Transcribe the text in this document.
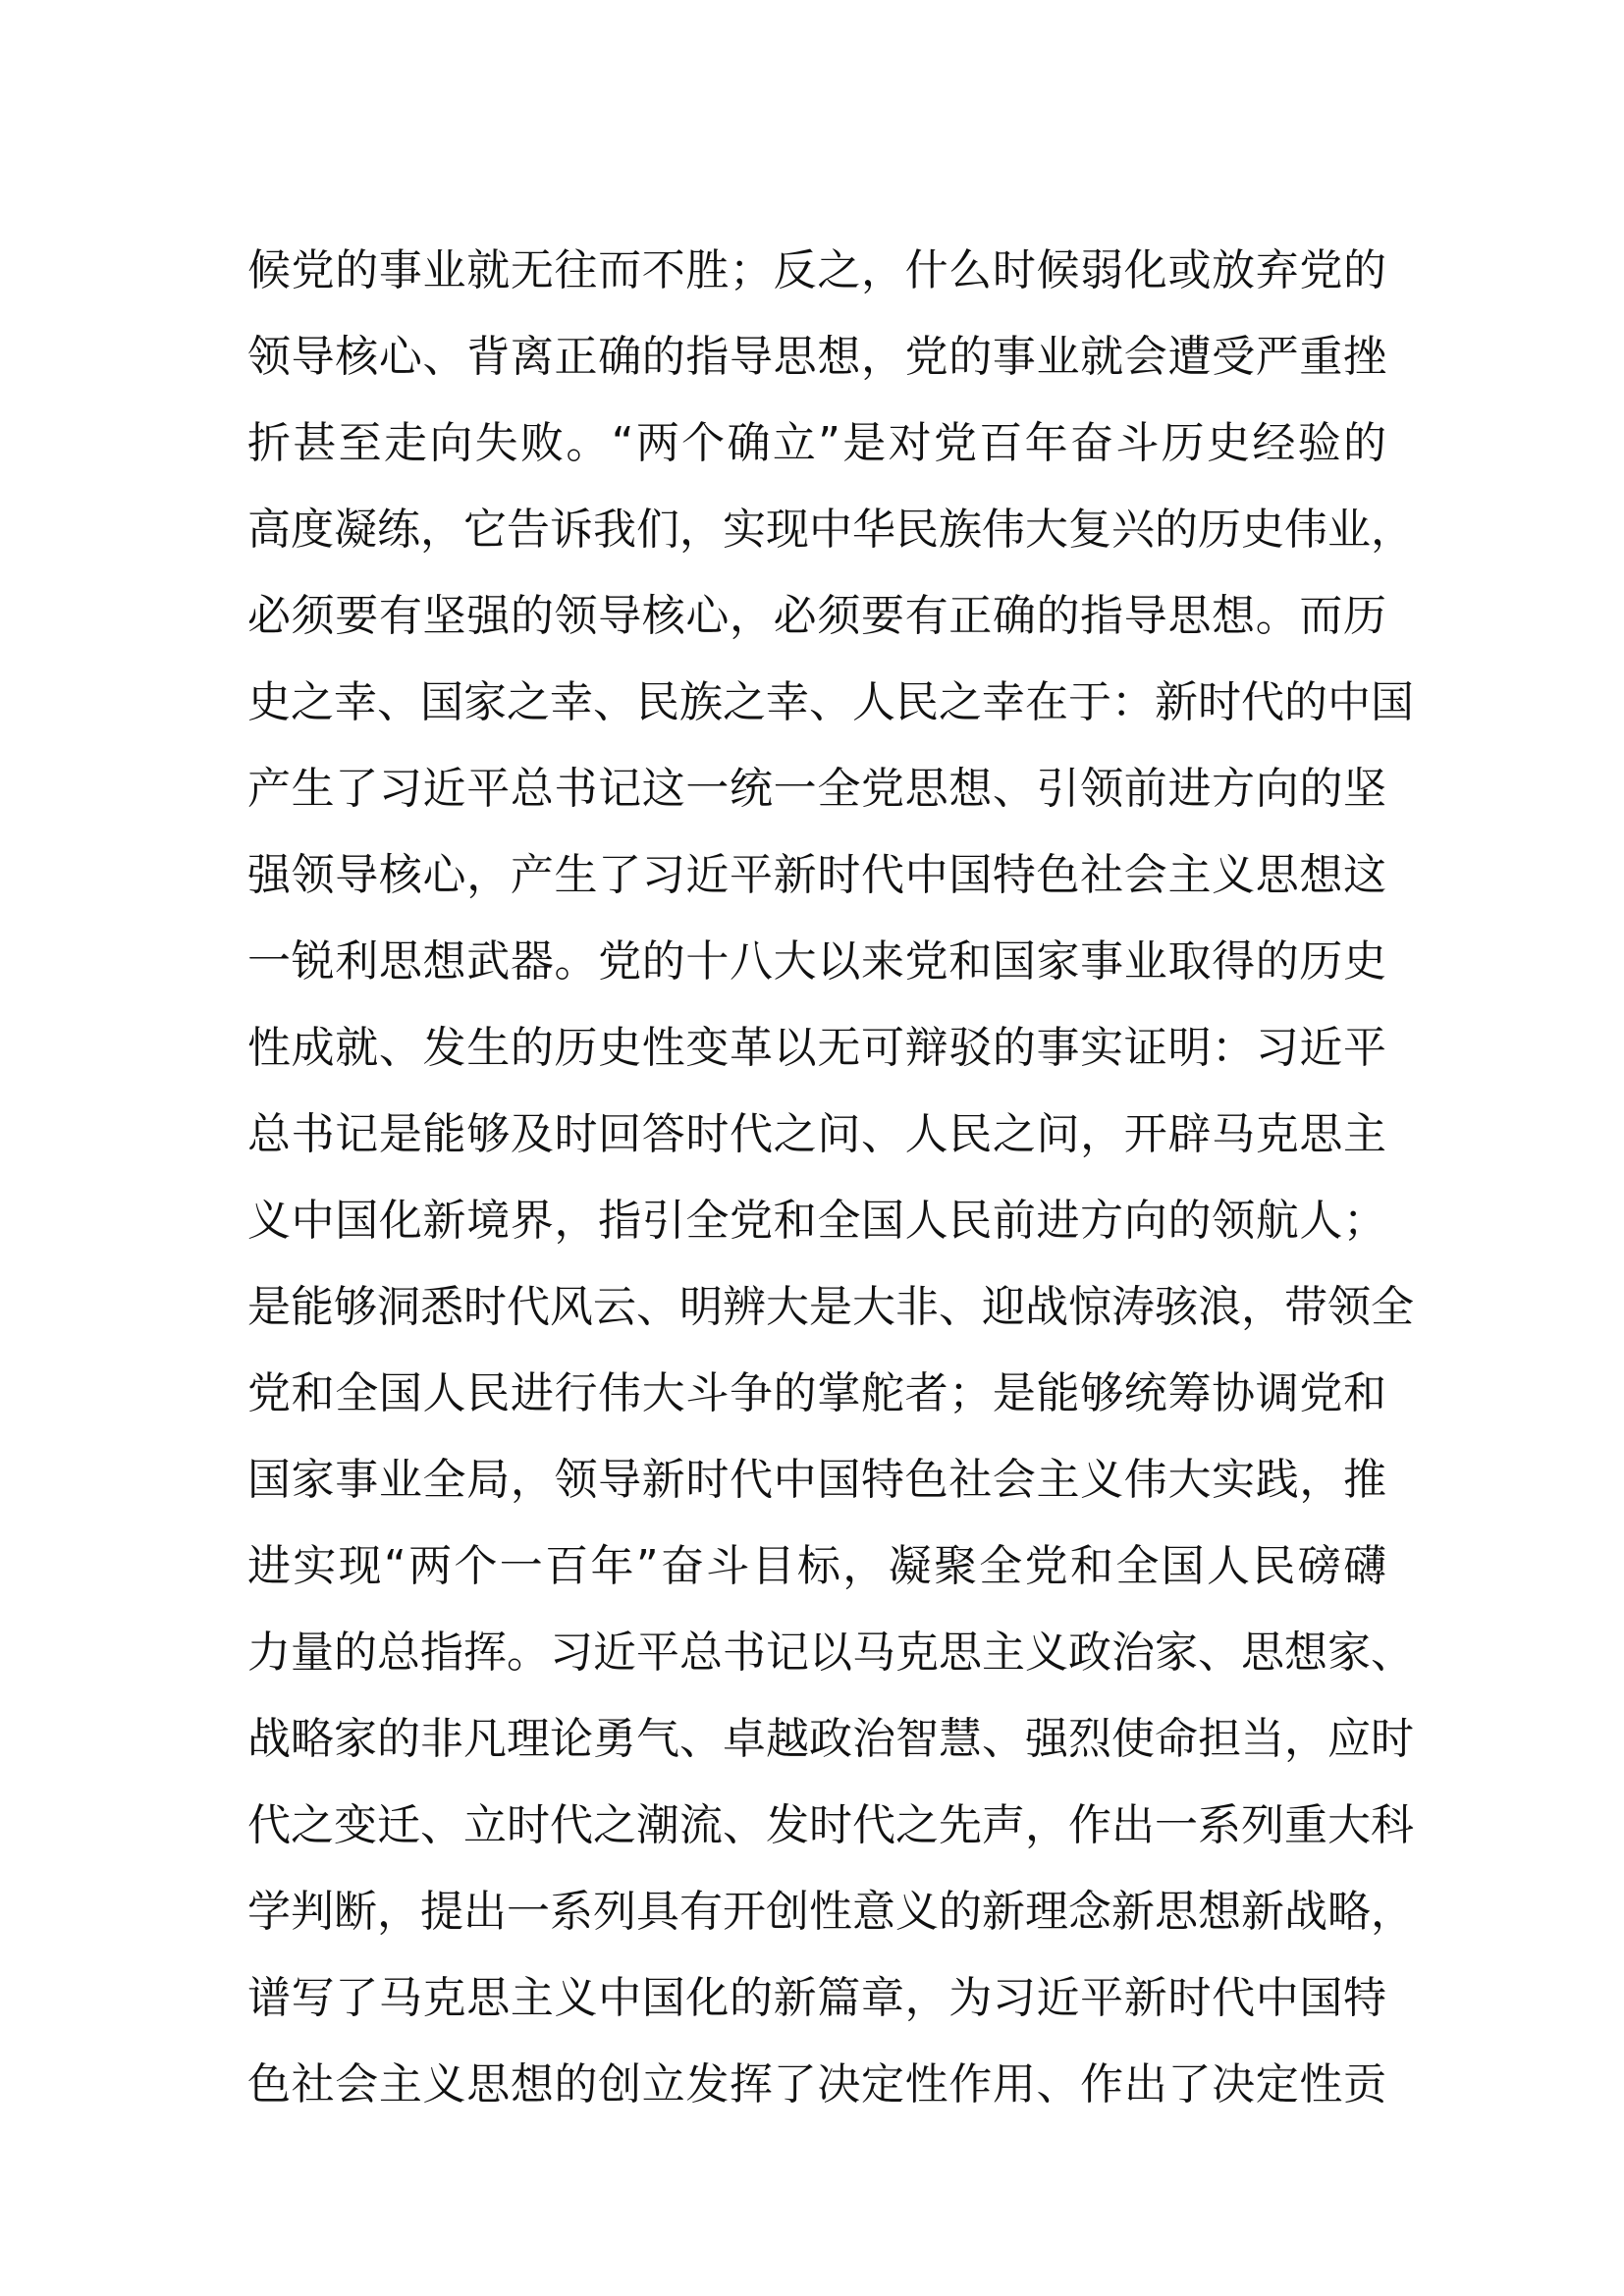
候党的事业就无往而不胜；反之，什么时候弱化或放弃党的
领导核心、背离正确的指导思想，党的事业就会遭受严重挫
折甚至走向失败。“两个确立”是对党百年奋斗历史经验的
高度凝练，它告诉我们，实现中华民族伟大复兴的历史伟业，
必须要有坚强的领导核心，必须要有正确的指导思想。而历
史之幸、国家之幸、民族之幸、人民之幸在于：新时代的中国
产生了习近平总书记这一统一全党思想、引领前进方向的坚
强领导核心，产生了习近平新时代中国特色社会主义思想这
一锐利思想武器。党的十八大以来党和国家事业取得的历史
性成就、发生的历史性变革以无可辩驳的事实证明：习近平
总书记是能够及时回答时代之问、人民之问，开辟马克思主
义中国化新境界，指引全党和全国人民前进方向的领航人；
是能够洞悉时代风云、明辨大是大非、迎战惊涛骇浪，带领全
党和全国人民进行伟大斗争的掌舵者；是能够统筹协调党和
国家事业全局，领导新时代中国特色社会主义伟大实践，推
进实现“两个一百年”奋斗目标，凝聚全党和全国人民磅礴
力量的总指挥。习近平总书记以马克思主义政治家、思想家、
战略家的非凡理论勇气、卓越政治智慧、强烈使命担当，应时
代之变迁、立时代之潮流、发时代之先声，作出一系列重大科
学判断，提出一系列具有开创性意义的新理念新思想新战略，
谱写了马克思主义中国化的新篇章，为习近平新时代中国特
色社会主义思想的创立发挥了决定性作用、作出了决定性贡
